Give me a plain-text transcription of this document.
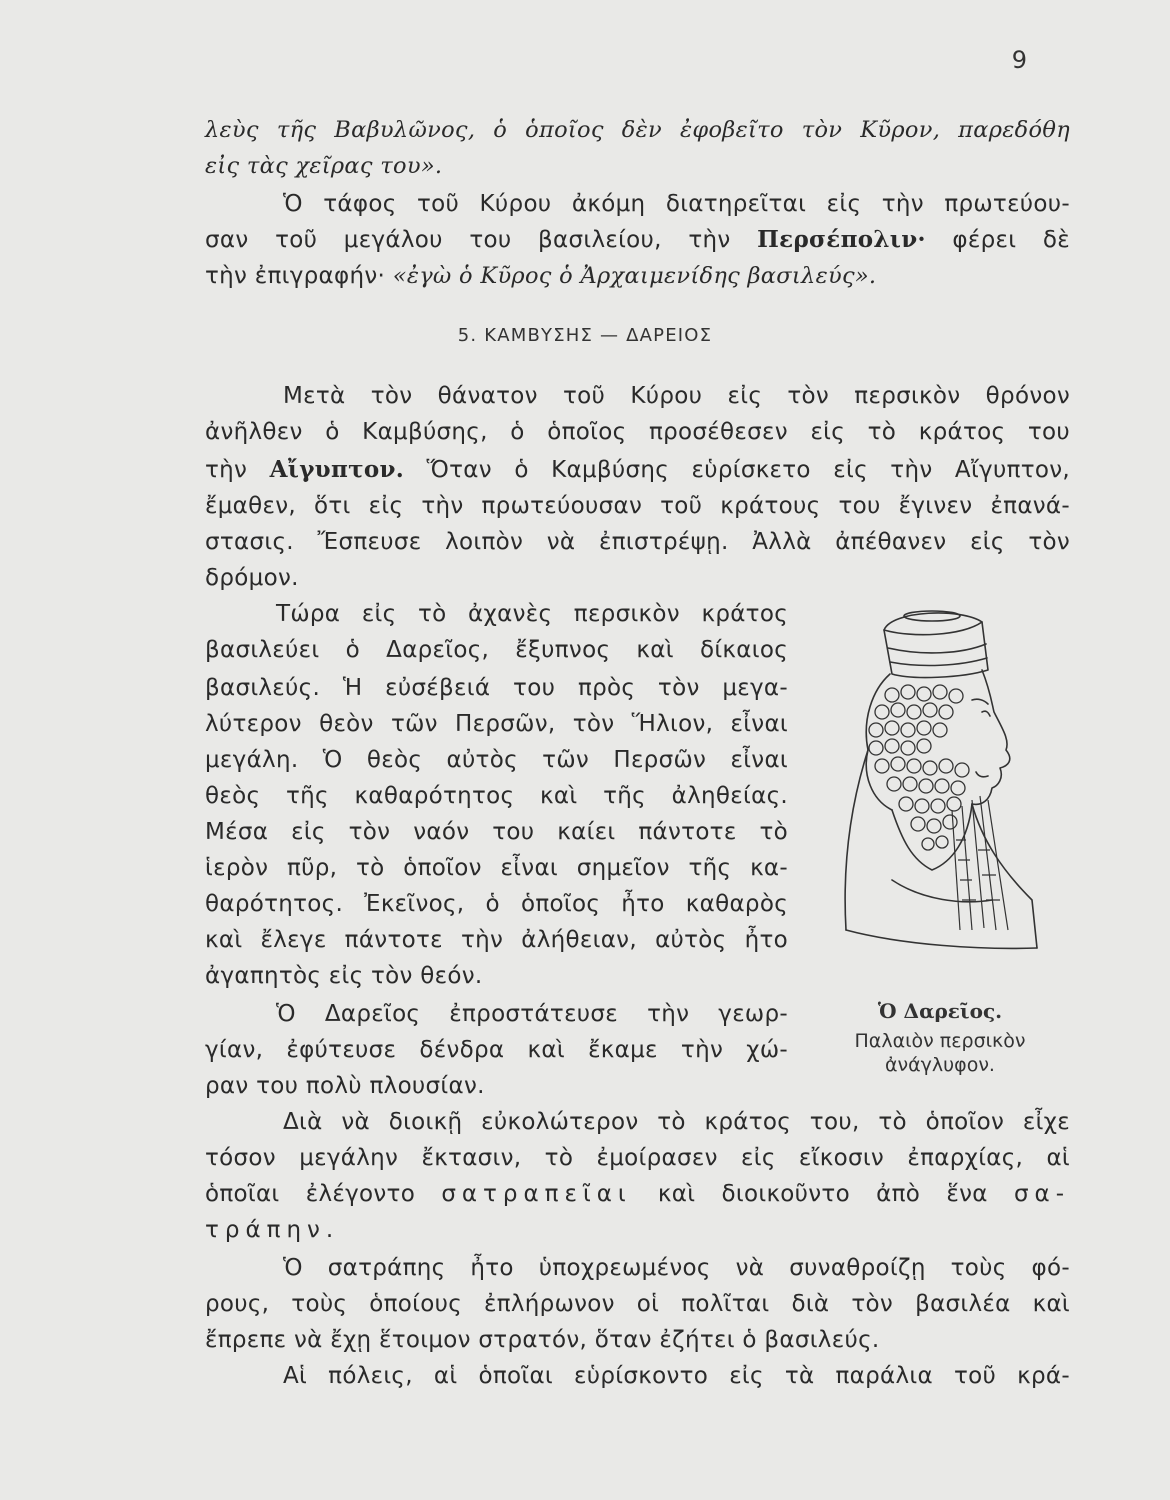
9
λεὺς τῆς Βαβυλῶνος, ὁ ὁποῖος δὲν ἐφοβεῖτο τὸν Κῦρον, παρεδόθη
εἰς τὰς χεῖρας του».
Ὁ τάφος τοῦ Κύρου ἀκόμη διατηρεῖται εἰς τὴν πρωτεύου-
σαν τοῦ μεγάλου του βασιλείου, τὴν Περσέπολιν· φέρει δὲ
τὴν ἐπιγραφήν· «ἐγὼ ὁ Κῦρος ὁ Ἀρχαιμενίδης βασιλεύς».
5. ΚΑΜΒΥΣΗΣ — ΔΑΡΕΙΟΣ
Μετὰ τὸν θάνατον τοῦ Κύρου εἰς τὸν περσικὸν θρόνον
ἀνῆλθεν ὁ Καμβύσης, ὁ ὁποῖος προσέθεσεν εἰς τὸ κράτος του
τὴν Αἴγυπτον. Ὅταν ὁ Καμβύσης εὑρίσκετο εἰς τὴν Αἴγυπτον,
ἔμαθεν, ὅτι εἰς τὴν πρωτεύουσαν τοῦ κράτους του ἔγινεν ἐπανά-
στασις. Ἔσπευσε λοιπὸν νὰ ἐπιστρέψῃ. Ἀλλὰ ἀπέθανεν εἰς τὸν
δρόμον.
Τώρα εἰς τὸ ἀχανὲς περσικὸν κράτος
βασιλεύει ὁ Δαρεῖος, ἔξυπνος καὶ δίκαιος
βασιλεύς. Ἡ εὐσέβειά του πρὸς τὸν μεγα-
λύτερον θεὸν τῶν Περσῶν, τὸν Ἥλιον, εἶναι
μεγάλη. Ὁ θεὸς αὐτὸς τῶν Περσῶν εἶναι
θεὸς τῆς καθαρότητος καὶ τῆς ἀληθείας.
Μέσα εἰς τὸν ναόν του καίει πάντοτε τὸ
ἱερὸν πῦρ, τὸ ὁποῖον εἶναι σημεῖον τῆς κα-
θαρότητος. Ἐκεῖνος, ὁ ὁποῖος ἦτο καθαρὸς
καὶ ἔλεγε πάντοτε τὴν ἀλήθειαν, αὐτὸς ἦτο
ἀγαπητὸς εἰς τὸν θεόν.
Ὁ Δαρεῖος ἐπροστάτευσε τὴν γεωρ-
γίαν, ἐφύτευσε δένδρα καὶ ἔκαμε τὴν χώ-
ραν του πολὺ πλουσίαν.
Ὁ Δαρεῖος.
Παλαιὸν περσικὸν
ἀνάγλυφον.
Διὰ νὰ διοικῇ εὐκολώτερον τὸ κράτος του, τὸ ὁποῖον εἶχε
τόσον μεγάλην ἔκτασιν, τὸ ἐμοίρασεν εἰς εἴκοσιν ἐπαρχίας, αἱ
ὁποῖαι ἐλέγοντο σατραπεῖαι καὶ διοικοῦντο ἀπὸ ἕνα σα-
τράπην.
Ὁ σατράπης ἦτο ὑποχρεωμένος νὰ συναθροίζῃ τοὺς φό-
ρους, τοὺς ὁποίους ἐπλήρωνον οἱ πολῖται διὰ τὸν βασιλέα καὶ
ἔπρεπε νὰ ἔχῃ ἕτοιμον στρατόν, ὅταν ἐζήτει ὁ βασιλεύς.
Αἱ πόλεις, αἱ ὁποῖαι εὑρίσκοντο εἰς τὰ παράλια τοῦ κρά-
